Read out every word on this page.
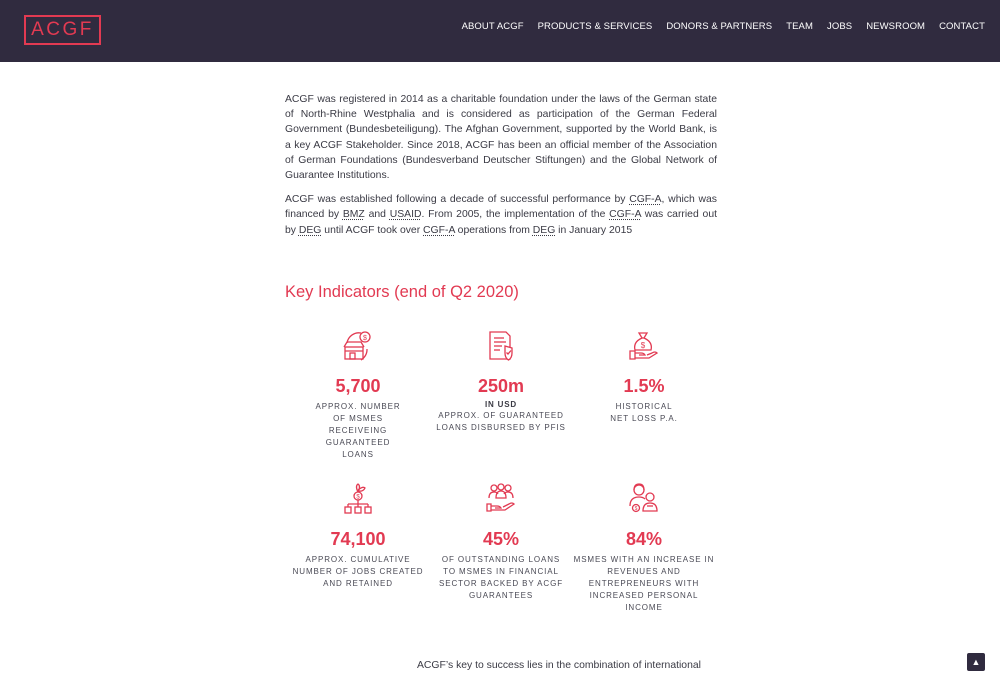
ACGF	ABOUT ACGF PRODUCTS & SERVICES DONORS & PARTNERS TEAM JOBS NEWSROOM CONTACT

ACGF was registered in 2014 as a charitable foundation under the laws of the German state of North-Rhine Westphalia and is considered as participation of the German Federal Government (Bundesbeteiligung). The Afghan Government, supported by the World Bank, is a key ACGF Stakeholder. Since 2018, ACGF has been an official member of the Association of German Foundations (Bundesverband Deutscher Stiftungen) and the Global Network of Guarantee Institutions.

ACGF was established following a decade of successful performance by CGF-A, which was financed by BMZ and USAID. From 2005, the implementation of the CGF-A was carried out by DEG until ACGF took over CGF-A operations from DEG in January 2015

Key Indicators (end of Q2 2020)
$
5,700
APPROX. NUMBER OF MSMES RECEIVEING GUARANTEED LOANS
250m
IN USD
APPROX. OF GUARANTEED LOANS DISBURSED BY PFIS
$
1.5%
HISTORICAL NET LOSS P.A.
$
74,100
APPROX. CUMULATIVE NUMBER OF JOBS CREATED AND RETAINED
45%
OF OUTSTANDING LOANS TO MSMES IN FINANCIAL SECTOR BACKED BY ACGF GUARANTEES
$
84%
MSMES WITH AN INCREASE IN REVENUES AND ENTREPRENEURS WITH INCREASED PERSONAL INCOME
ACGF’s key to success lies in the combination of international	▲
